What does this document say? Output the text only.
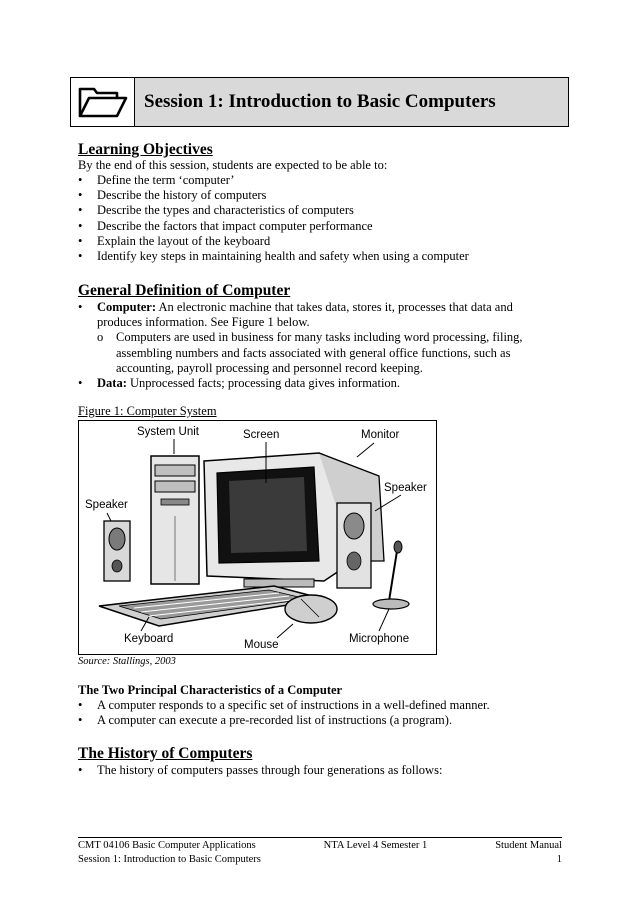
Session 1: Introduction to Basic Computers
Learning Objectives

By the end of this session, students are expected to be able to:

• Define the term ‘computer’
• Describe the history of computers
• Describe the types and characteristics of computers
• Describe the factors that impact computer performance
• Explain the layout of the keyboard
• Identify key steps in maintaining health and safety when using a computer
General Definition of Computer
• Computer: An electronic machine that takes data, stores it, processes that data and produces information. See Figure 1 below.
o Computers are used in business for many tasks including word processing, filing, assembling numbers and facts associated with general office functions, such as accounting, payroll processing and personnel record keeping.
• Data: Unprocessed facts; processing data gives information.

Figure 1: Computer System

System Unit	Screen	Monitor
Speaker
Speaker
Keyboard	Mouse	Microphone

Source: Stallings, 2003

The Two Principal Characteristics of a Computer

• A computer responds to a specific set of instructions in a well-defined manner.
• A computer can execute a pre-recorded list of instructions (a program).
The History of Computers
• The history of computers passes through four generations as follows:
CMT 04106 Basic Computer Applications	NTA Level 4 Semester 1	Student Manual
Session 1: Introduction to Basic Computers	1
